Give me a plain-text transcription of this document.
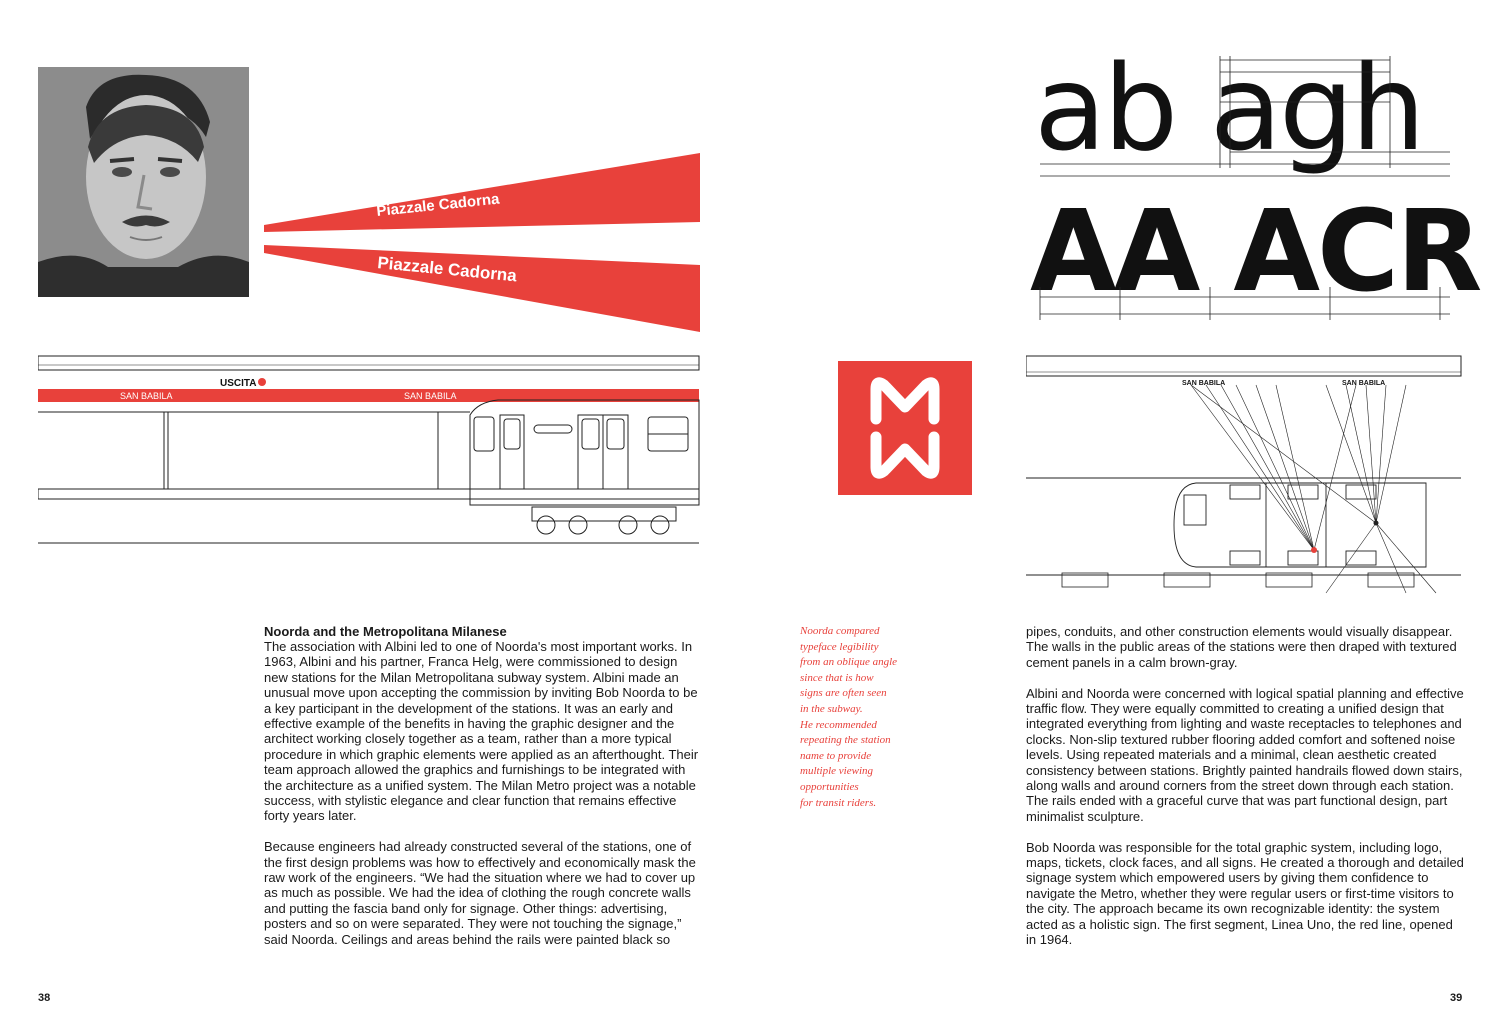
Piazzale Cadorna
Piazzale Cadorna
USCITA
SAN BABILA	SAN BABILA
Noorda and the Metropolitana Milanese

The association with Albini led to one of Noorda's most important works. In 1963, Albini and his partner, Franca Helg, were commissioned to design new stations for the Milan Metropolitana subway system. Albini made an unusual move upon accepting the commission by inviting Bob Noorda to be a key participant in the development of the stations. It was an early and effective example of the benefits in having the graphic designer and the architect working closely together as a team, rather than a more typical procedure in which graphic elements were applied as an afterthought. Their team approach allowed the graphics and furnishings to be integrated with the architecture as a unified system. The Milan Metro project was a notable success, with stylistic elegance and clear function that remains effective forty years later.

Because engineers had already constructed several of the stations, one of the first design problems was how to effectively and economically mask the raw work of the engineers. “We had the situation where we had to cover up as much as possible. We had the idea of clothing the rough concrete walls and putting the fascia band only for signage. Other things: advertising, posters and so on were separated. They were not touching the signage,” said Noorda. Ceilings and areas behind the rails were painted black so

38
Noorda compared
typeface legibility
from an oblique angle
since that is how
signs are often seen
in the subway.
He recommended
repeating the station
name to provide
multiple viewing
opportunities
for transit riders.
ab agh
AA ACR
SAN BABILA	SAN BABILA

pipes, conduits, and other construction elements would visually disappear. The walls in the public areas of the stations were then draped with textured cement panels in a calm brown-gray.

Albini and Noorda were concerned with logical spatial planning and effective traffic flow. They were equally committed to creating a unified design that integrated everything from lighting and waste receptacles to telephones and clocks. Non-slip textured rubber flooring added comfort and softened noise levels. Using repeated materials and a minimal, clean aesthetic created consistency between stations. Brightly painted handrails flowed down stairs, along walls and around corners from the street down through each station. The rails ended with a graceful curve that was part functional design, part minimalist sculpture.

Bob Noorda was responsible for the total graphic system, including logo, maps, tickets, clock faces, and all signs. He created a thorough and detailed signage system which empowered users by giving them confidence to navigate the Metro, whether they were regular users or first-time visitors to the city. The approach became its own recognizable identity: the system acted as a holistic sign. The first segment, Linea Uno, the red line, opened in 1964.

39
